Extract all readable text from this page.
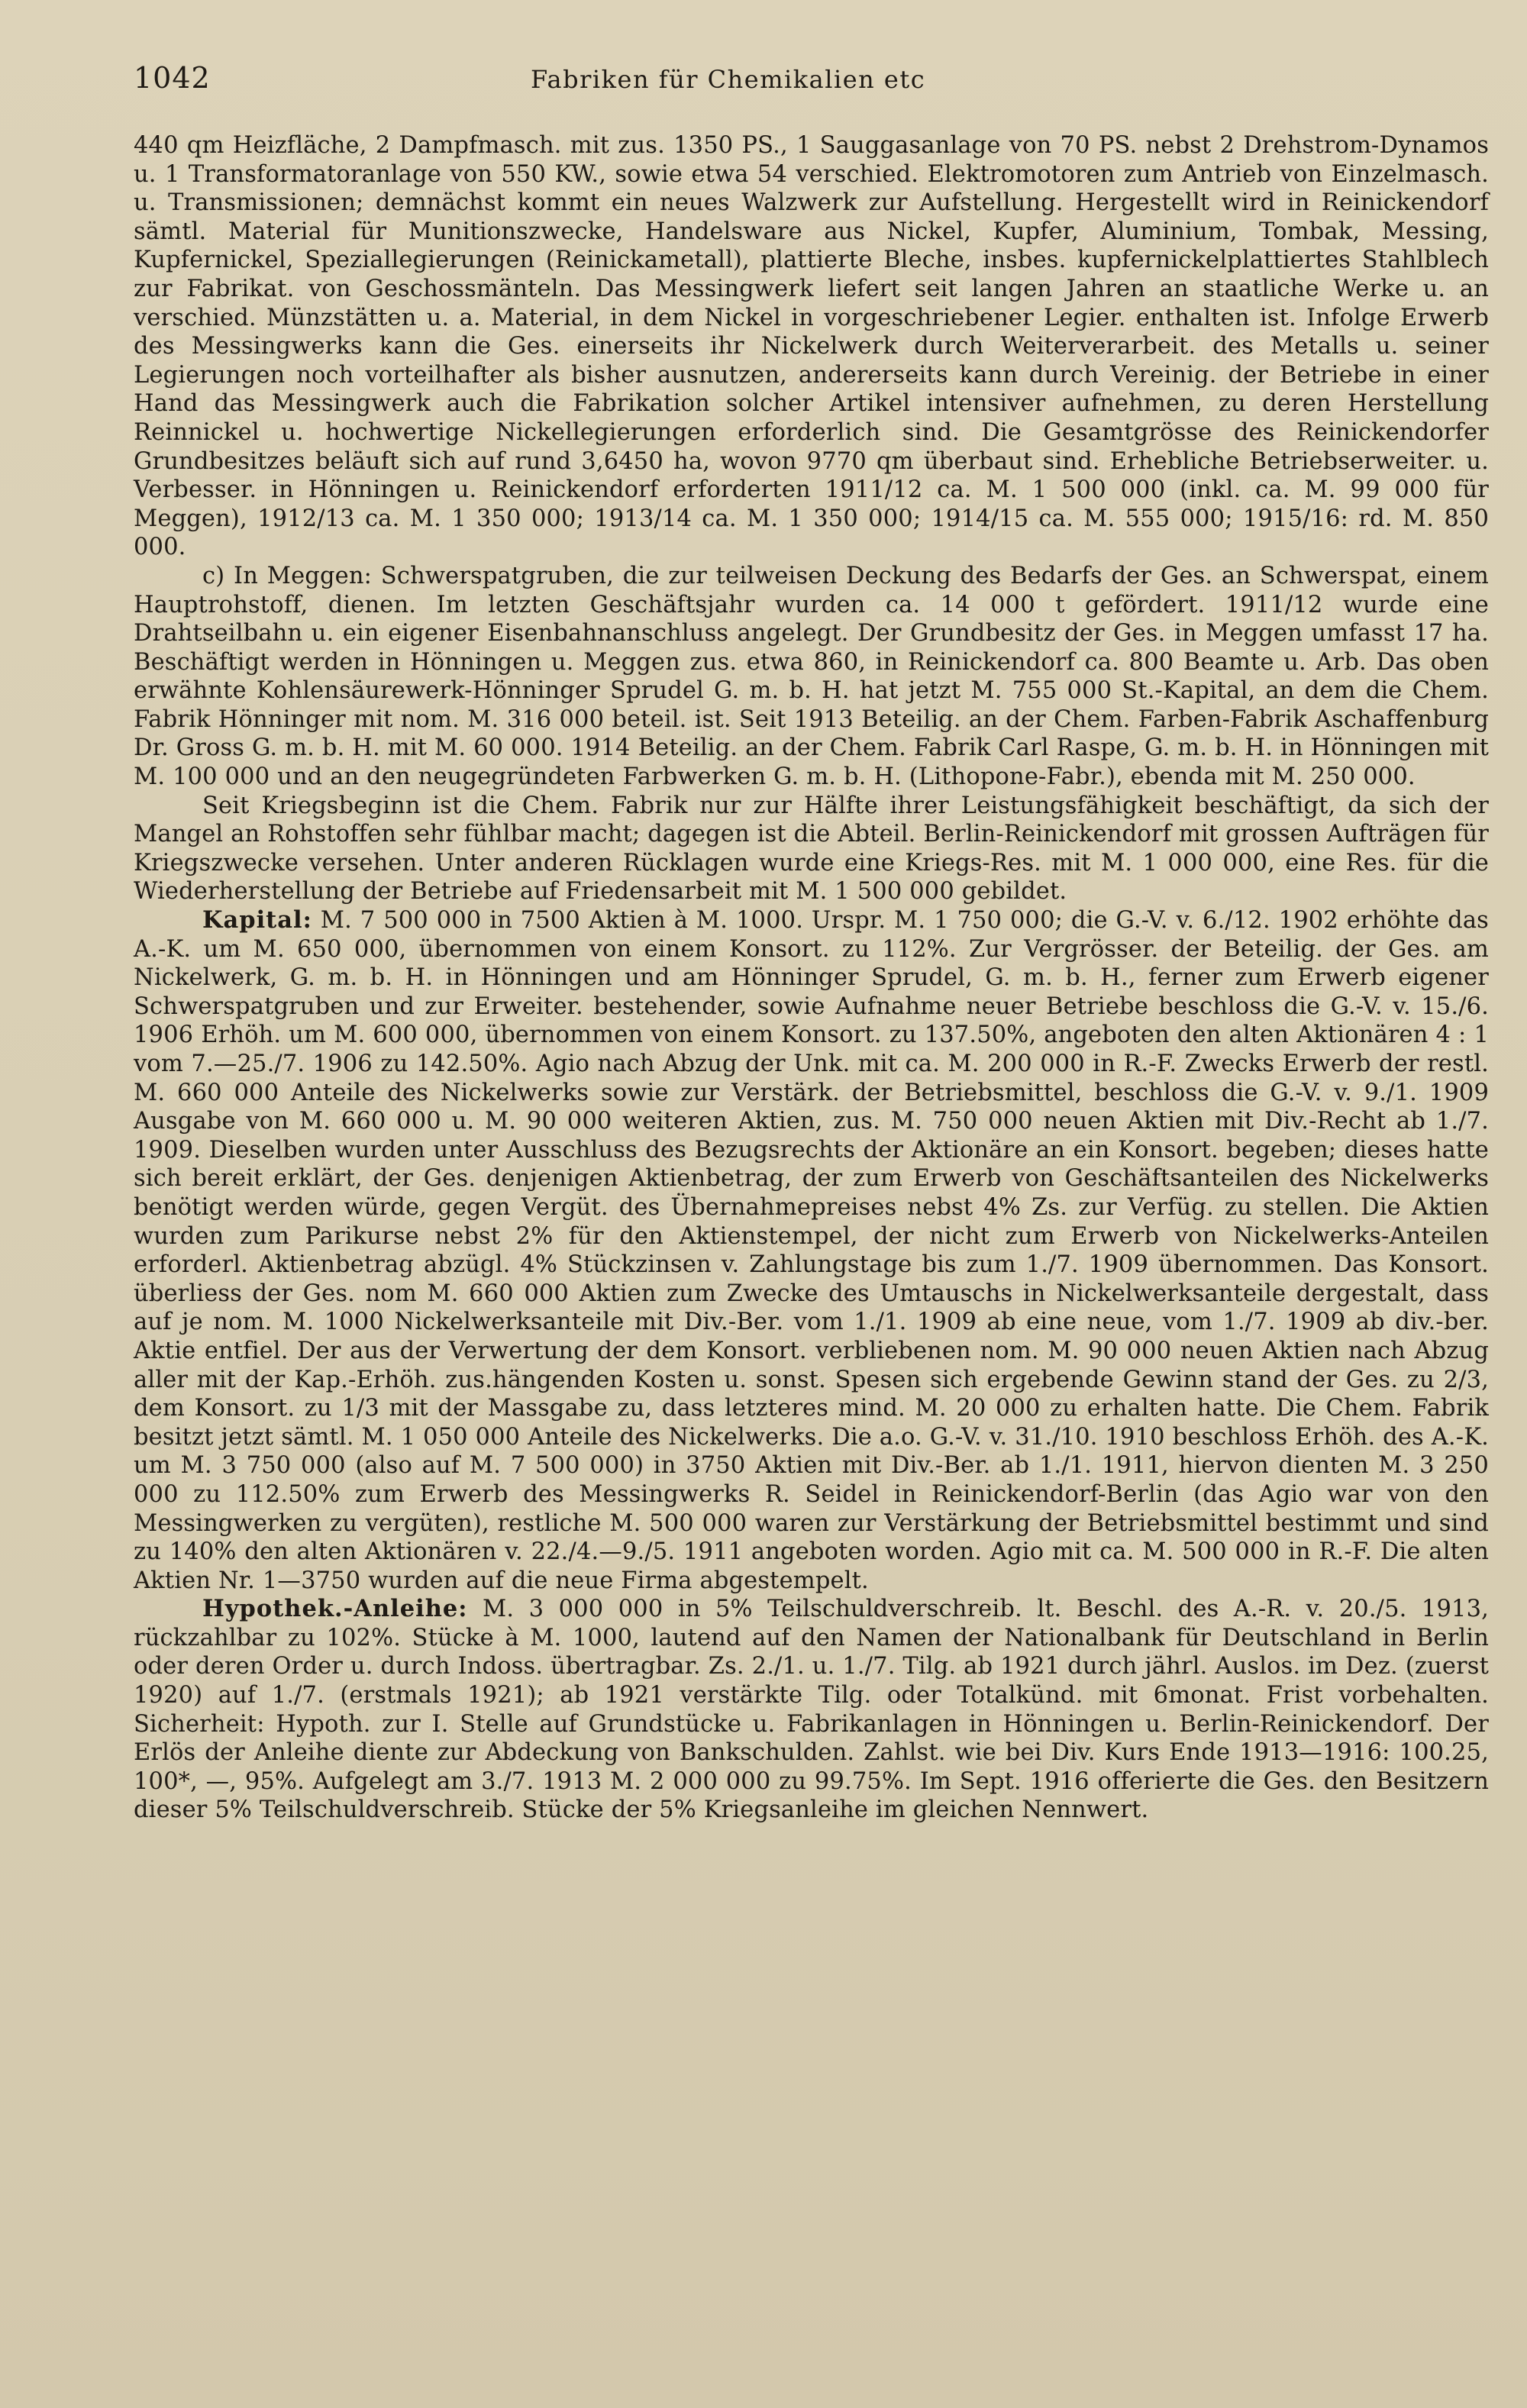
1042	Fabriken für Chemikalien etc

440 qm Heizfläche, 2 Dampfmasch. mit zus. 1350 PS., 1 Sauggasanlage von 70 PS. nebst 2 Drehstrom-Dynamos u. 1 Transformatoranlage von 550 KW., sowie etwa 54 verschied. Elektromotoren zum Antrieb von Einzelmasch. u. Transmissionen; demnächst kommt ein neues Walzwerk zur Aufstellung. Hergestellt wird in Reinickendorf sämtl. Material für Munitionszwecke, Handelsware aus Nickel, Kupfer, Aluminium, Tombak, Messing, Kupfernickel, Speziallegierungen (Reinickametall), plattierte Bleche, insbes. kupfernickelplattiertes Stahlblech zur Fabrikat. von Geschossmänteln. Das Messingwerk liefert seit langen Jahren an staatliche Werke u. an verschied. Münzstätten u. a. Material, in dem Nickel in vorgeschriebener Legier. enthalten ist. Infolge Erwerb des Messingwerks kann die Ges. einerseits ihr Nickelwerk durch Weiterverarbeit. des Metalls u. seiner Legierungen noch vorteilhafter als bisher ausnutzen, andererseits kann durch Vereinig. der Betriebe in einer Hand das Messingwerk auch die Fabrikation solcher Artikel intensiver aufnehmen, zu deren Herstellung Reinnickel u. hochwertige Nickellegierungen erforderlich sind. Die Gesamtgrösse des Reinickendorfer Grundbesitzes beläuft sich auf rund 3,6450 ha, wovon 9770 qm überbaut sind. Erhebliche Betriebserweiter. u. Verbesser. in Hönningen u. Reinickendorf erforderten 1911/12 ca. M. 1 500 000 (inkl. ca. M. 99 000 für Meggen), 1912/13 ca. M. 1 350 000; 1913/14 ca. M. 1 350 000; 1914/15 ca. M. 555 000; 1915/16: rd. M. 850 000.

c) In Meggen: Schwerspatgruben, die zur teilweisen Deckung des Bedarfs der Ges. an Schwerspat, einem Hauptrohstoff, dienen. Im letzten Geschäftsjahr wurden ca. 14 000 t gefördert. 1911/12 wurde eine Drahtseilbahn u. ein eigener Eisenbahnanschluss angelegt. Der Grundbesitz der Ges. in Meggen umfasst 17 ha. Beschäftigt werden in Hönningen u. Meggen zus. etwa 860, in Reinickendorf ca. 800 Beamte u. Arb. Das oben erwähnte Kohlensäurewerk-Hönninger Sprudel G. m. b. H. hat jetzt M. 755 000 St.-Kapital, an dem die Chem. Fabrik Hönninger mit nom. M. 316 000 beteil. ist. Seit 1913 Beteilig. an der Chem. Farben-Fabrik Aschaffenburg Dr. Gross G. m. b. H. mit M. 60 000. 1914 Beteilig. an der Chem. Fabrik Carl Raspe, G. m. b. H. in Hönningen mit M. 100 000 und an den neugegründeten Farbwerken G. m. b. H. (Lithopone-Fabr.), ebenda mit M. 250 000.

Seit Kriegsbeginn ist die Chem. Fabrik nur zur Hälfte ihrer Leistungsfähigkeit beschäftigt, da sich der Mangel an Rohstoffen sehr fühlbar macht; dagegen ist die Abteil. Berlin-Reinickendorf mit grossen Aufträgen für Kriegszwecke versehen. Unter anderen Rücklagen wurde eine Kriegs-Res. mit M. 1 000 000, eine Res. für die Wiederherstellung der Betriebe auf Friedensarbeit mit M. 1 500 000 gebildet.

Kapital: M. 7 500 000 in 7500 Aktien à M. 1000. Urspr. M. 1 750 000; die G.-V. v. 6./12. 1902 erhöhte das A.-K. um M. 650 000, übernommen von einem Konsort. zu 112%. Zur Vergrösser. der Beteilig. der Ges. am Nickelwerk, G. m. b. H. in Hönningen und am Hönninger Sprudel, G. m. b. H., ferner zum Erwerb eigener Schwerspatgruben und zur Erweiter. bestehender, sowie Aufnahme neuer Betriebe beschloss die G.-V. v. 15./6. 1906 Erhöh. um M. 600 000, übernommen von einem Konsort. zu 137.50%, angeboten den alten Aktionären 4 : 1 vom 7.—25./7. 1906 zu 142.50%. Agio nach Abzug der Unk. mit ca. M. 200 000 in R.-F. Zwecks Erwerb der restl. M. 660 000 Anteile des Nickelwerks sowie zur Verstärk. der Betriebsmittel, beschloss die G.-V. v. 9./1. 1909 Ausgabe von M. 660 000 u. M. 90 000 weiteren Aktien, zus. M. 750 000 neuen Aktien mit Div.-Recht ab 1./7. 1909. Dieselben wurden unter Ausschluss des Bezugsrechts der Aktionäre an ein Konsort. begeben; dieses hatte sich bereit erklärt, der Ges. denjenigen Aktienbetrag, der zum Erwerb von Geschäftsanteilen des Nickelwerks benötigt werden würde, gegen Vergüt. des Übernahmepreises nebst 4% Zs. zur Verfüg. zu stellen. Die Aktien wurden zum Parikurse nebst 2% für den Aktienstempel, der nicht zum Erwerb von Nickelwerks-Anteilen erforderl. Aktienbetrag abzügl. 4% Stückzinsen v. Zahlungstage bis zum 1./7. 1909 übernommen. Das Konsort. überliess der Ges. nom M. 660 000 Aktien zum Zwecke des Umtauschs in Nickelwerksanteile dergestalt, dass auf je nom. M. 1000 Nickelwerksanteile mit Div.-Ber. vom 1./1. 1909 ab eine neue, vom 1./7. 1909 ab div.-ber. Aktie entfiel. Der aus der Verwertung der dem Konsort. verbliebenen nom. M. 90 000 neuen Aktien nach Abzug aller mit der Kap.-Erhöh. zus.hängenden Kosten u. sonst. Spesen sich ergebende Gewinn stand der Ges. zu 2/3, dem Konsort. zu 1/3 mit der Massgabe zu, dass letzteres mind. M. 20 000 zu erhalten hatte. Die Chem. Fabrik besitzt jetzt sämtl. M. 1 050 000 Anteile des Nickelwerks. Die a.o. G.-V. v. 31./10. 1910 beschloss Erhöh. des A.-K. um M. 3 750 000 (also auf M. 7 500 000) in 3750 Aktien mit Div.-Ber. ab 1./1. 1911, hiervon dienten M. 3 250 000 zu 112.50% zum Erwerb des Messingwerks R. Seidel in Reinickendorf-Berlin (das Agio war von den Messingwerken zu vergüten), restliche M. 500 000 waren zur Verstärkung der Betriebsmittel bestimmt und sind zu 140% den alten Aktionären v. 22./4.—9./5. 1911 angeboten worden. Agio mit ca. M. 500 000 in R.-F. Die alten Aktien Nr. 1—3750 wurden auf die neue Firma abgestempelt.

Hypothek.-Anleihe: M. 3 000 000 in 5% Teilschuldverschreib. lt. Beschl. des A.-R. v. 20./5. 1913, rückzahlbar zu 102%. Stücke à M. 1000, lautend auf den Namen der Nationalbank für Deutschland in Berlin oder deren Order u. durch Indoss. übertragbar. Zs. 2./1. u. 1./7. Tilg. ab 1921 durch jährl. Auslos. im Dez. (zuerst 1920) auf 1./7. (erstmals 1921); ab 1921 verstärkte Tilg. oder Totalkünd. mit 6monat. Frist vorbehalten. Sicherheit: Hypoth. zur I. Stelle auf Grundstücke u. Fabrikanlagen in Hönningen u. Berlin-Reinickendorf. Der Erlös der Anleihe diente zur Abdeckung von Bankschulden. Zahlst. wie bei Div. Kurs Ende 1913—1916: 100.25, 100*, —, 95%. Aufgelegt am 3./7. 1913 M. 2 000 000 zu 99.75%. Im Sept. 1916 offerierte die Ges. den Besitzern dieser 5% Teilschuldverschreib. Stücke der 5% Kriegsanleihe im gleichen Nennwert.
